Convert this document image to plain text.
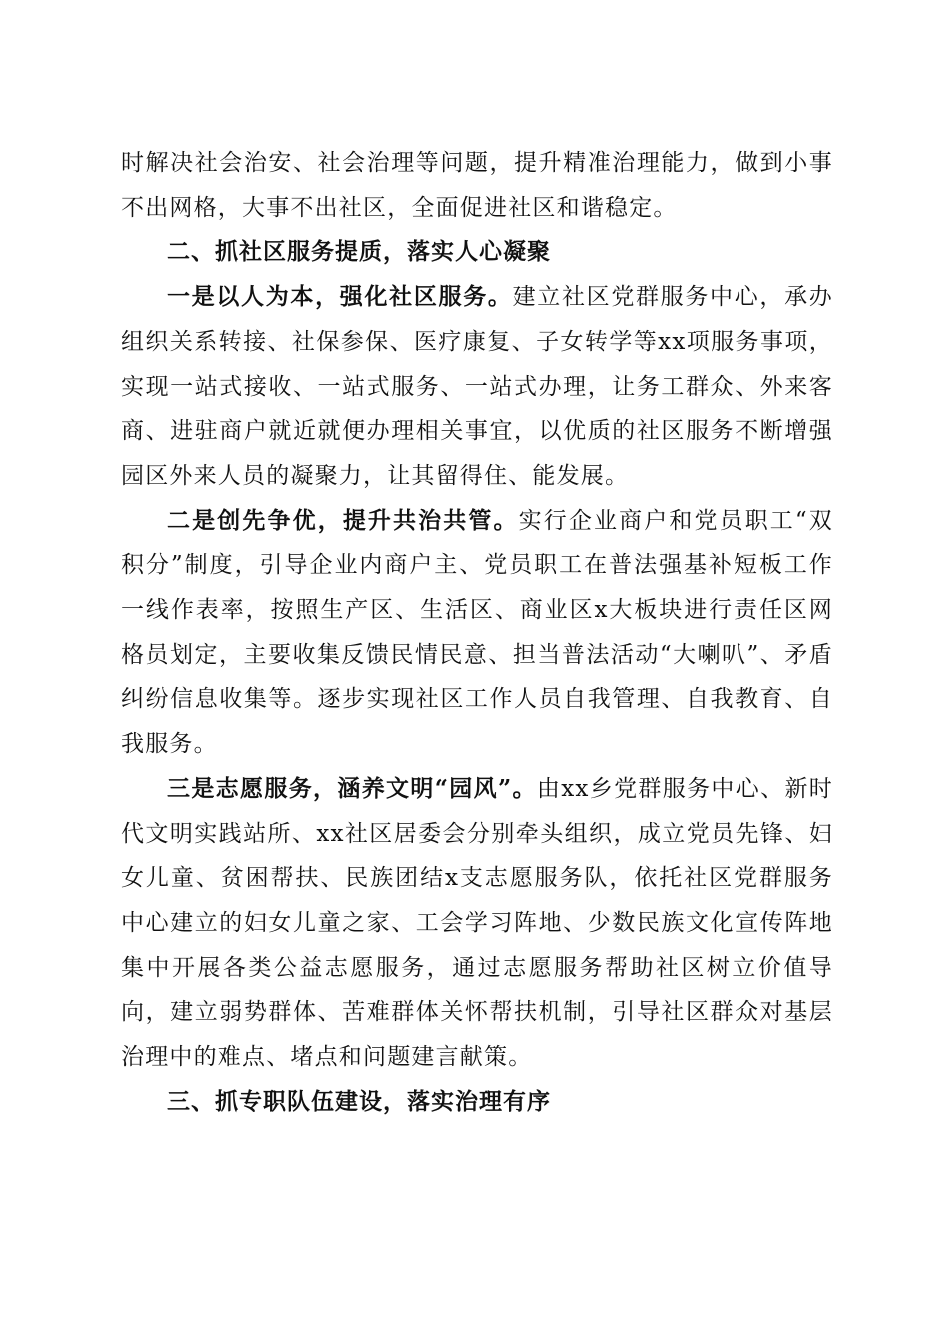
时解决社会治安、社会治理等问题，提升精准治理能力，做到小事不出网格，大事不出社区，全面促进社区和谐稳定。

二、抓社区服务提质，落实人心凝聚

一是以人为本，强化社区服务。建立社区党群服务中心，承办组织关系转接、社保参保、医疗康复、子女转学等xx项服务事项，实现一站式接收、一站式服务、一站式办理，让务工群众、外来客商、进驻商户就近就便办理相关事宜，以优质的社区服务不断增强园区外来人员的凝聚力，让其留得住、能发展。

二是创先争优，提升共治共管。实行企业商户和党员职工“双积分”制度，引导企业内商户主、党员职工在普法强基补短板工作一线作表率，按照生产区、生活区、商业区x大板块进行责任区网格员划定，主要收集反馈民情民意、担当普法活动“大喇叭”、矛盾纠纷信息收集等。逐步实现社区工作人员自我管理、自我教育、自我服务。

三是志愿服务，涵养文明“园风”。由xx乡党群服务中心、新时代文明实践站所、xx社区居委会分别牵头组织，成立党员先锋、妇女儿童、贫困帮扶、民族团结x支志愿服务队，依托社区党群服务中心建立的妇女儿童之家、工会学习阵地、少数民族文化宣传阵地集中开展各类公益志愿服务，通过志愿服务帮助社区树立价值导向，建立弱势群体、苦难群体关怀帮扶机制，引导社区群众对基层治理中的难点、堵点和问题建言献策。

三、抓专职队伍建设，落实治理有序
